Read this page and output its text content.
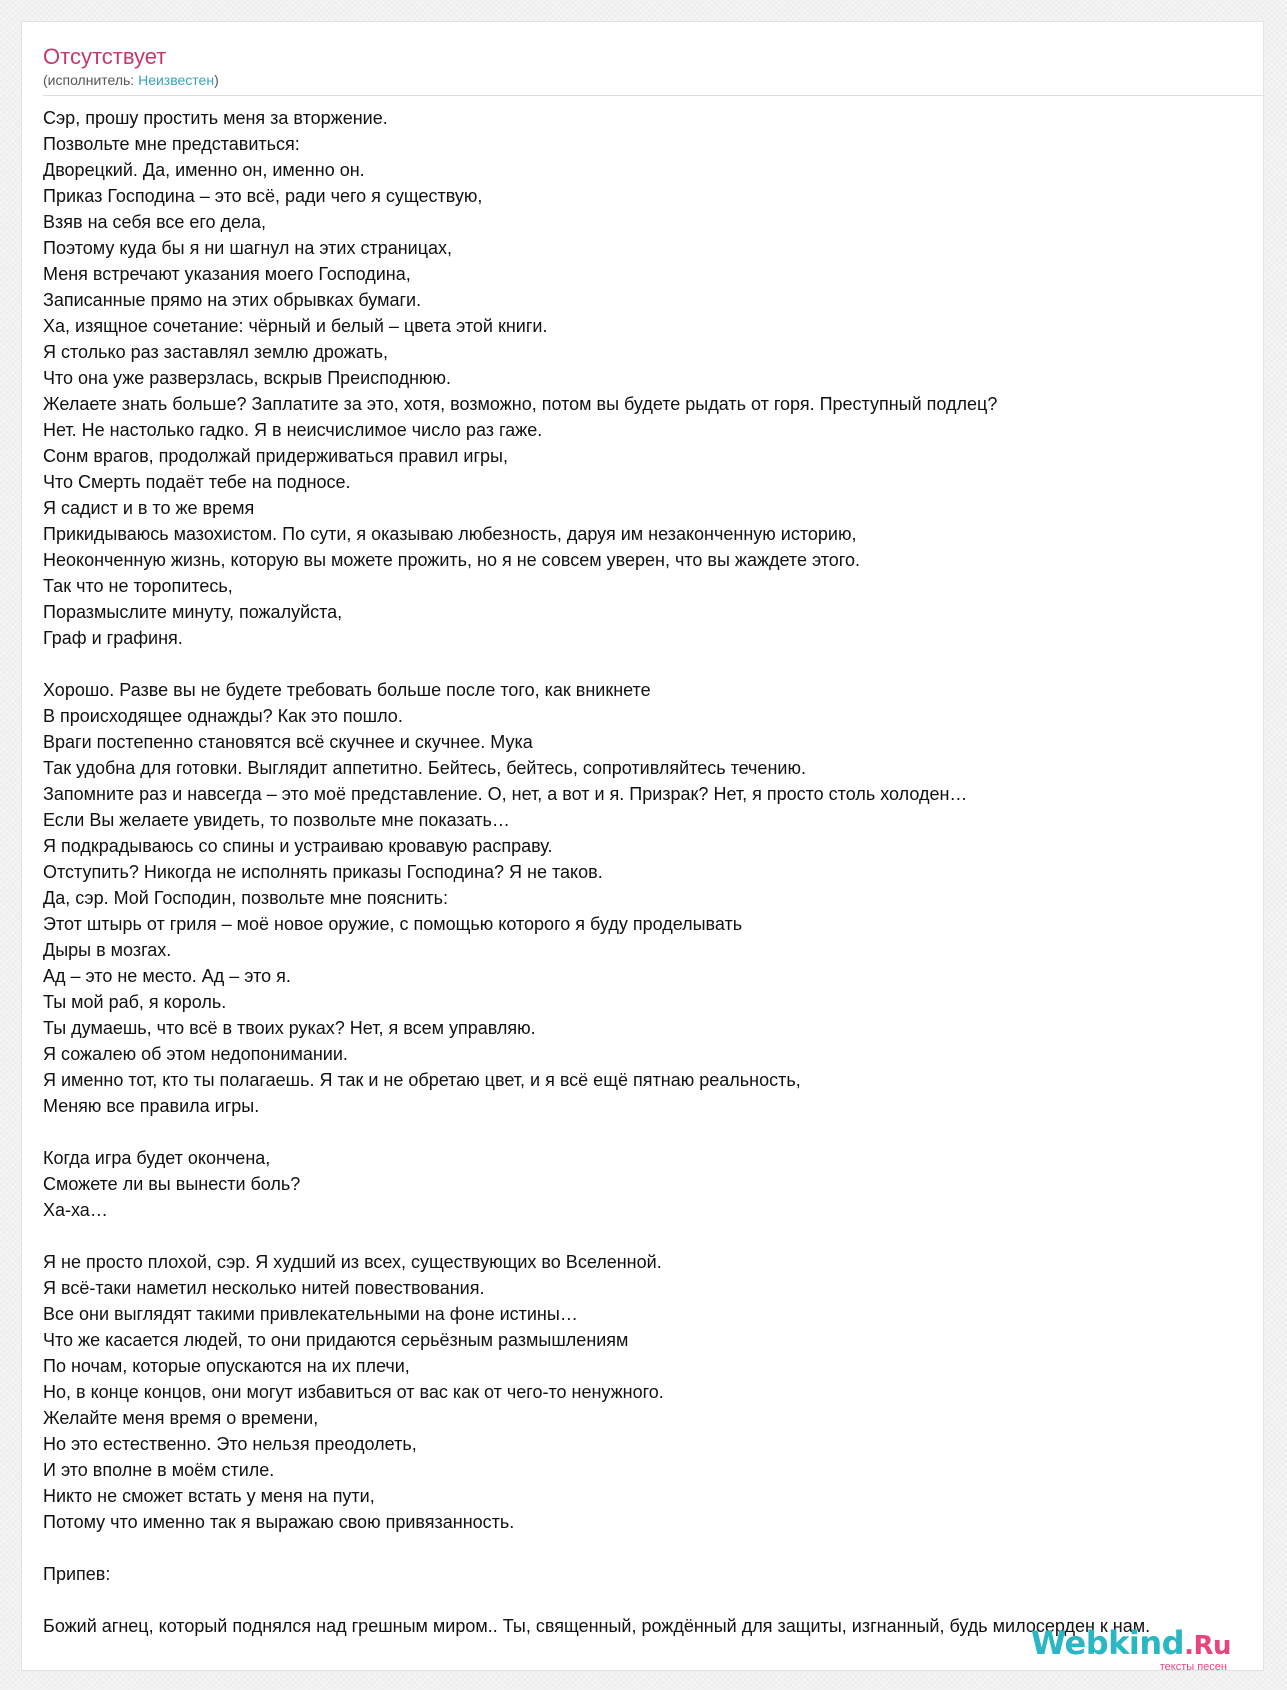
Отсутствует
(исполнитель: Неизвестен)
Сэр, прошу простить меня за вторжение.
Позвольте мне представиться:
Дворецкий. Да, именно он, именно он.
Приказ Господина – это всё, ради чего я существую,
Взяв на себя все его дела,
Поэтому куда бы я ни шагнул на этих страницах,
Меня встречают указания моего Господина,
Записанные прямо на этих обрывках бумаги.
Ха, изящное сочетание: чёрный и белый – цвета этой книги.
Я столько раз заставлял землю дрожать,
Что она уже разверзлась, вскрыв Преисподнюю.
Желаете знать больше? Заплатите за это, хотя, возможно, потом вы будете рыдать от горя. Преступный подлец?
Нет. Не настолько гадко. Я в неисчислимое число раз гаже.
Сонм врагов, продолжай придерживаться правил игры,
Что Смерть подаёт тебе на подносе.
Я садист и в то же время
Прикидываюсь мазохистом. По сути, я оказываю любезность, даруя им незаконченную историю,
Неоконченную жизнь, которую вы можете прожить, но я не совсем уверен, что вы жаждете этого.
Так что не торопитесь,
Поразмыслите минуту, пожалуйста,
Граф и графиня.
Хорошо. Разве вы не будете требовать больше после того, как вникнете
В происходящее однажды? Как это пошло.
Враги постепенно становятся всё скучнее и скучнее. Мука
Так удобна для готовки. Выглядит аппетитно. Бейтесь, бейтесь, сопротивляйтесь течению.
Запомните раз и навсегда – это моё представление. О, нет, а вот и я. Призрак? Нет, я просто столь холоден…
Если Вы желаете увидеть, то позвольте мне показать…
Я подкрадываюсь со спины и устраиваю кровавую расправу.
Отступить? Никогда не исполнять приказы Господина? Я не таков.
Да, сэр. Мой Господин, позвольте мне пояснить:
Этот штырь от гриля – моё новое оружие, с помощью которого я буду проделывать
Дыры в мозгах.
Ад – это не место. Ад – это я.
Ты мой раб, я король.
Ты думаешь, что всё в твоих руках? Нет, я всем управляю.
Я сожалею об этом недопонимании.
Я именно тот, кто ты полагаешь. Я так и не обретаю цвет, и я всё ещё пятнаю реальность,
Меняю все правила игры.
Когда игра будет окончена,
Сможете ли вы вынести боль?
Ха-ха…
Я не просто плохой, сэр. Я худший из всех, существующих во Вселенной.
Я всё-таки наметил несколько нитей повествования.
Все они выглядят такими привлекательными на фоне истины…
Что же касается людей, то они придаются серьёзным размышлениям
По ночам, которые опускаются на их плечи,
Но, в конце концов, они могут избавиться от вас как от чего-то ненужного.
Желайте меня время о времени,
Но это естественно. Это нельзя преодолеть,
И это вполне в моём стиле.
Никто не сможет встать у меня на пути,
Потому что именно так я выражаю свою привязанность.
Припев:
Божий агнец, который поднялся над грешным миром.. Ты, священный, рождённый для защиты, изгнанный, будь милосерден к нам.
Webkind.Ru
тексты песен
